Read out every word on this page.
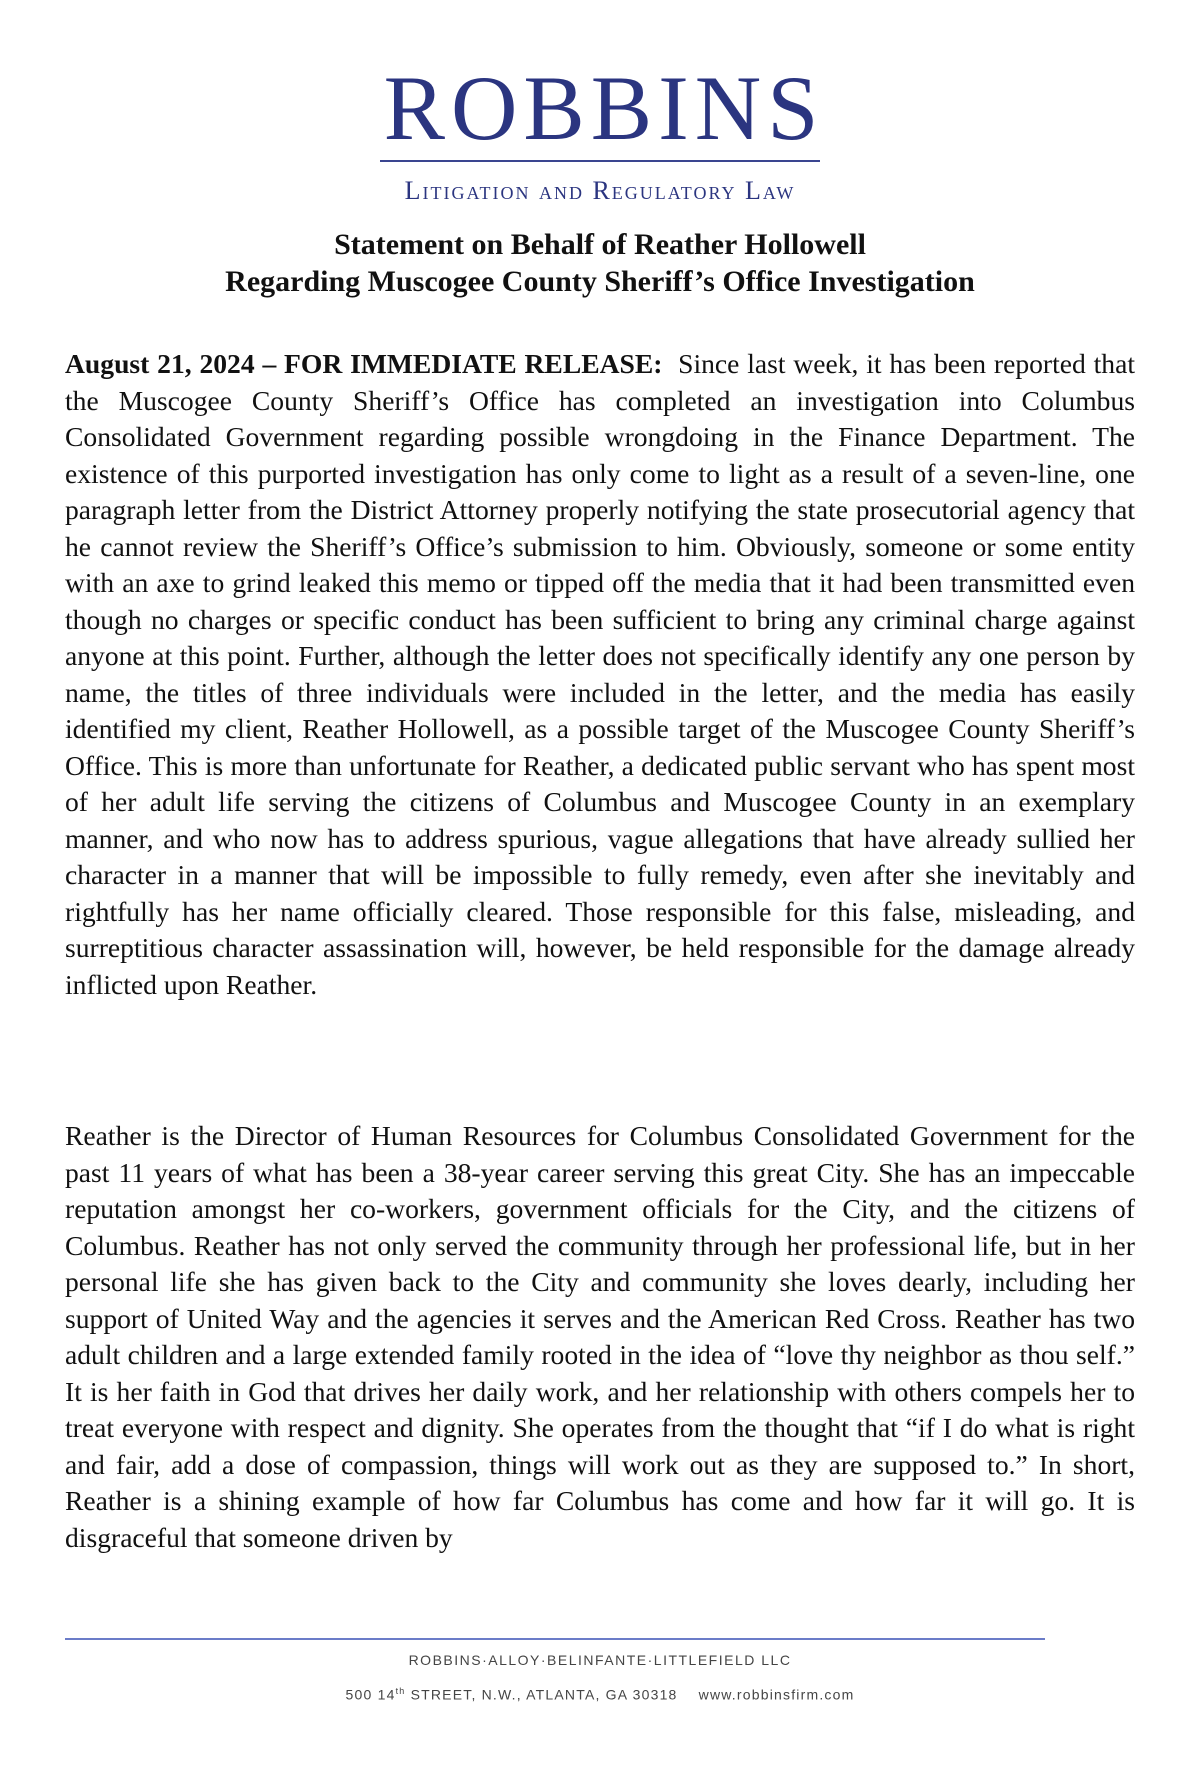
ROBBINS
Litigation and Regulatory Law
Statement on Behalf of Reather Hollowell
Regarding Muscogee County Sheriff’s Office Investigation

August 21, 2024 – FOR IMMEDIATE RELEASE: Since last week, it has been reported that the Muscogee County Sheriff’s Office has completed an investigation into Columbus Consolidated Government regarding possible wrongdoing in the Finance Department. The existence of this purported investigation has only come to light as a result of a seven-line, one paragraph letter from the District Attorney properly notifying the state prosecutorial agency that he cannot review the Sheriff’s Office’s submission to him. Obviously, someone or some entity with an axe to grind leaked this memo or tipped off the media that it had been transmitted even though no charges or specific conduct has been sufficient to bring any criminal charge against anyone at this point. Further, although the letter does not specifically identify any one person by name, the titles of three individuals were included in the letter, and the media has easily identified my client, Reather Hollowell, as a possible target of the Muscogee County Sheriff’s Office. This is more than unfortunate for Reather, a dedicated public servant who has spent most of her adult life serving the citizens of Columbus and Muscogee County in an exemplary manner, and who now has to address spurious, vague allegations that have already sullied her character in a manner that will be impossible to fully remedy, even after she inevitably and rightfully has her name officially cleared. Those responsible for this false, misleading, and surreptitious character assassination will, however, be held responsible for the damage already inflicted upon Reather.

Reather is the Director of Human Resources for Columbus Consolidated Government for the past 11 years of what has been a 38-year career serving this great City. She has an impeccable reputation amongst her co-workers, government officials for the City, and the citizens of Columbus. Reather has not only served the community through her professional life, but in her personal life she has given back to the City and community she loves dearly, including her support of United Way and the agencies it serves and the American Red Cross. Reather has two adult children and a large extended family rooted in the idea of “love thy neighbor as thou self.” It is her faith in God that drives her daily work, and her relationship with others compels her to treat everyone with respect and dignity. She operates from the thought that “if I do what is right and fair, add a dose of compassion, things will work out as they are supposed to.” In short, Reather is a shining example of how far Columbus has come and how far it will go. It is disgraceful that someone driven by

ROBBINS·ALLOY·BELINFANTE·LITTLEFIELD LLC
500 14th STREET, N.W., ATLANTA, GA 30318 www.robbinsfirm.com
